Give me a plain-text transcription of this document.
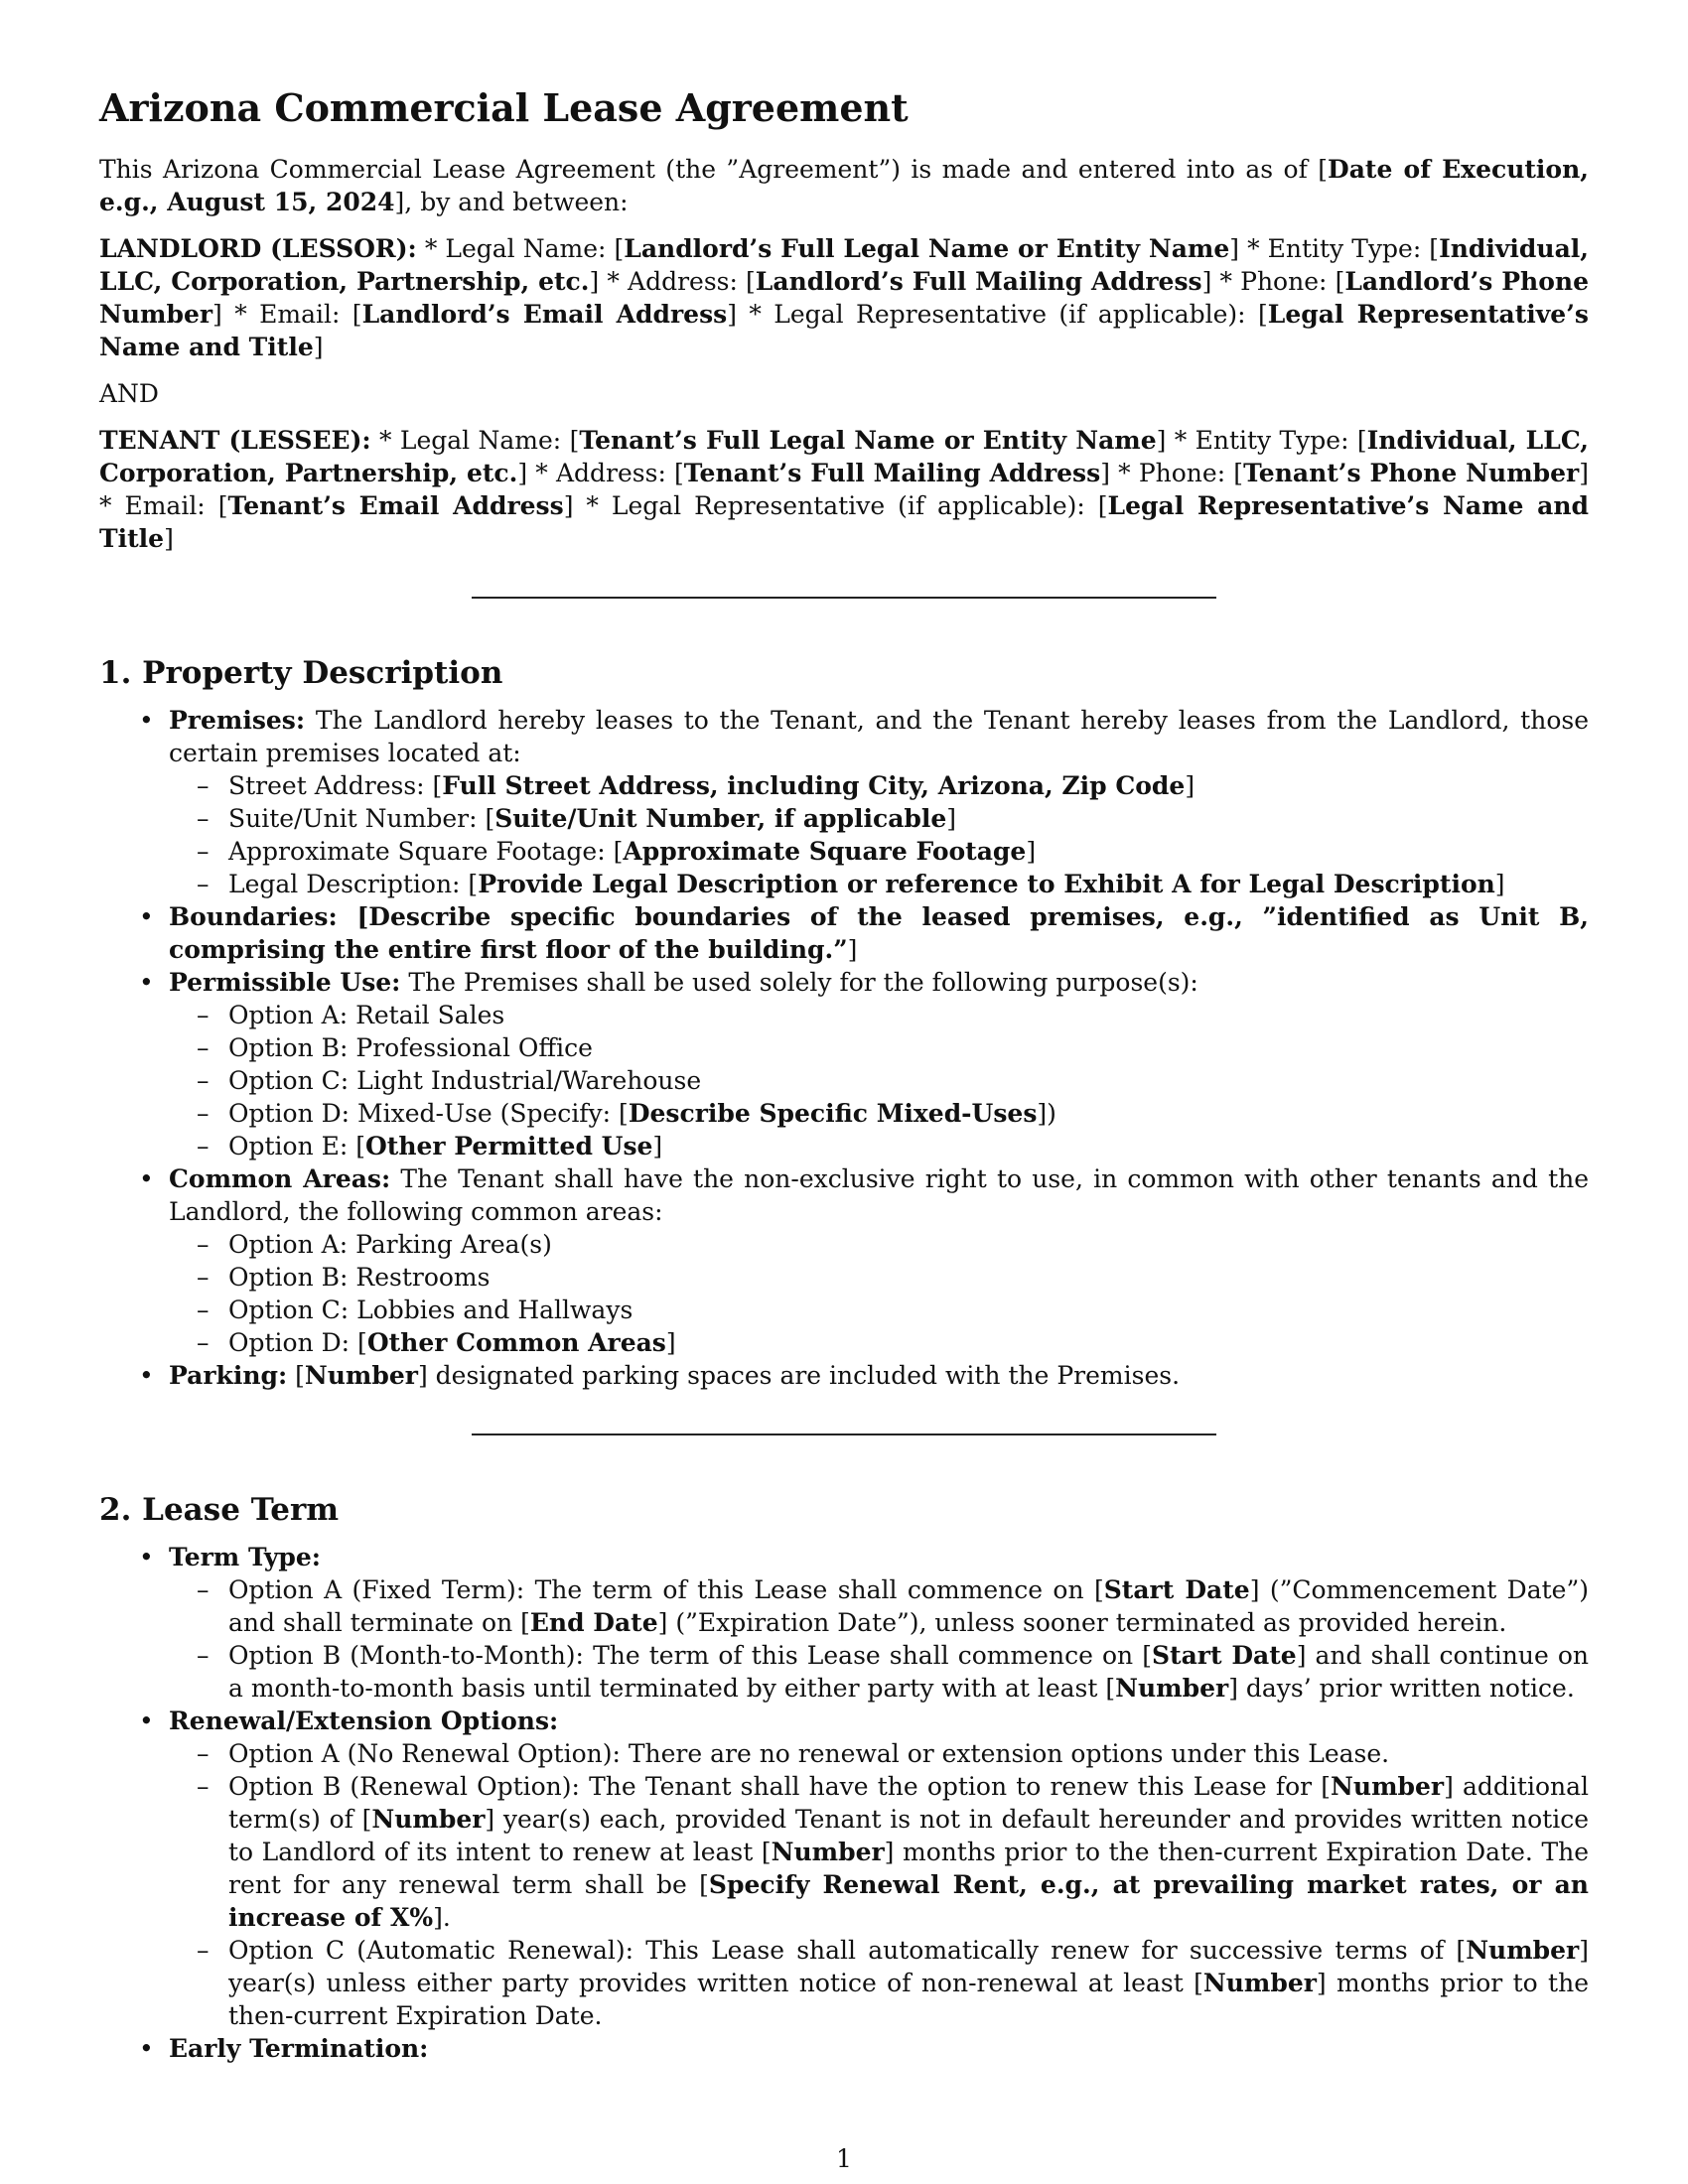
Arizona Commercial Lease Agreement

This Arizona Commercial Lease Agreement (the ”Agreement”) is made and entered into as of [Date of Execution, e.g., August 15, 2024], by and between:

LANDLORD (LESSOR): * Legal Name: [Landlord’s Full Legal Name or Entity Name] * Entity Type: [Individual, LLC, Corporation, Partnership, etc.] * Address: [Landlord’s Full Mailing Address] * Phone: [Landlord’s Phone Number] * Email: [Landlord’s Email Address] * Legal Representative (if applicable): [Legal Representative’s Name and Title]

AND

TENANT (LESSEE): * Legal Name: [Tenant’s Full Legal Name or Entity Name] * Entity Type: [Individual, LLC, Corporation, Partnership, etc.] * Address: [Tenant’s Full Mailing Address] * Phone: [Tenant’s Phone Number] * Email: [Tenant’s Email Address] * Legal Representative (if applicable): [Legal Representative’s Name and Title]

1. Property Description
• Premises: The Landlord hereby leases to the Tenant, and the Tenant hereby leases from the Landlord, those certain premises located at:
– Street Address: [Full Street Address, including City, Arizona, Zip Code]
– Suite/Unit Number: [Suite/Unit Number, if applicable]
– Approximate Square Footage: [Approximate Square Footage]
– Legal Description: [Provide Legal Description or reference to Exhibit A for Legal Description]
• Boundaries: [Describe specific boundaries of the leased premises, e.g., ”identified as Unit B, comprising the entire first floor of the building.”]
• Permissible Use: The Premises shall be used solely for the following purpose(s):
– Option A: Retail Sales
– Option B: Professional Office
– Option C: Light Industrial/Warehouse
– Option D: Mixed-Use (Specify: [Describe Specific Mixed-Uses])
– Option E: [Other Permitted Use]
• Common Areas: The Tenant shall have the non-exclusive right to use, in common with other tenants and the Landlord, the following common areas:
– Option A: Parking Area(s)
– Option B: Restrooms
– Option C: Lobbies and Hallways
– Option D: [Other Common Areas]
• Parking: [Number] designated parking spaces are included with the Premises.
2. Lease Term
• Term Type:
– Option A (Fixed Term): The term of this Lease shall commence on [Start Date] (”Commencement Date”) and shall terminate on [End Date] (”Expiration Date”), unless sooner terminated as provided herein.
– Option B (Month-to-Month): The term of this Lease shall commence on [Start Date] and shall continue on a month-to-month basis until terminated by either party with at least [Number] days’ prior written notice.
• Renewal/Extension Options:
– Option A (No Renewal Option): There are no renewal or extension options under this Lease.
– Option B (Renewal Option): The Tenant shall have the option to renew this Lease for [Number] additional term(s) of [Number] year(s) each, provided Tenant is not in default hereunder and provides written notice to Landlord of its intent to renew at least [Number] months prior to the then-current Expiration Date. The rent for any renewal term shall be [Specify Renewal Rent, e.g., at prevailing market rates, or an increase of X%].
– Option C (Automatic Renewal): This Lease shall automatically renew for successive terms of [Number] year(s) unless either party provides written notice of non-renewal at least [Number] months prior to the then-current Expiration Date.
• Early Termination:
1
